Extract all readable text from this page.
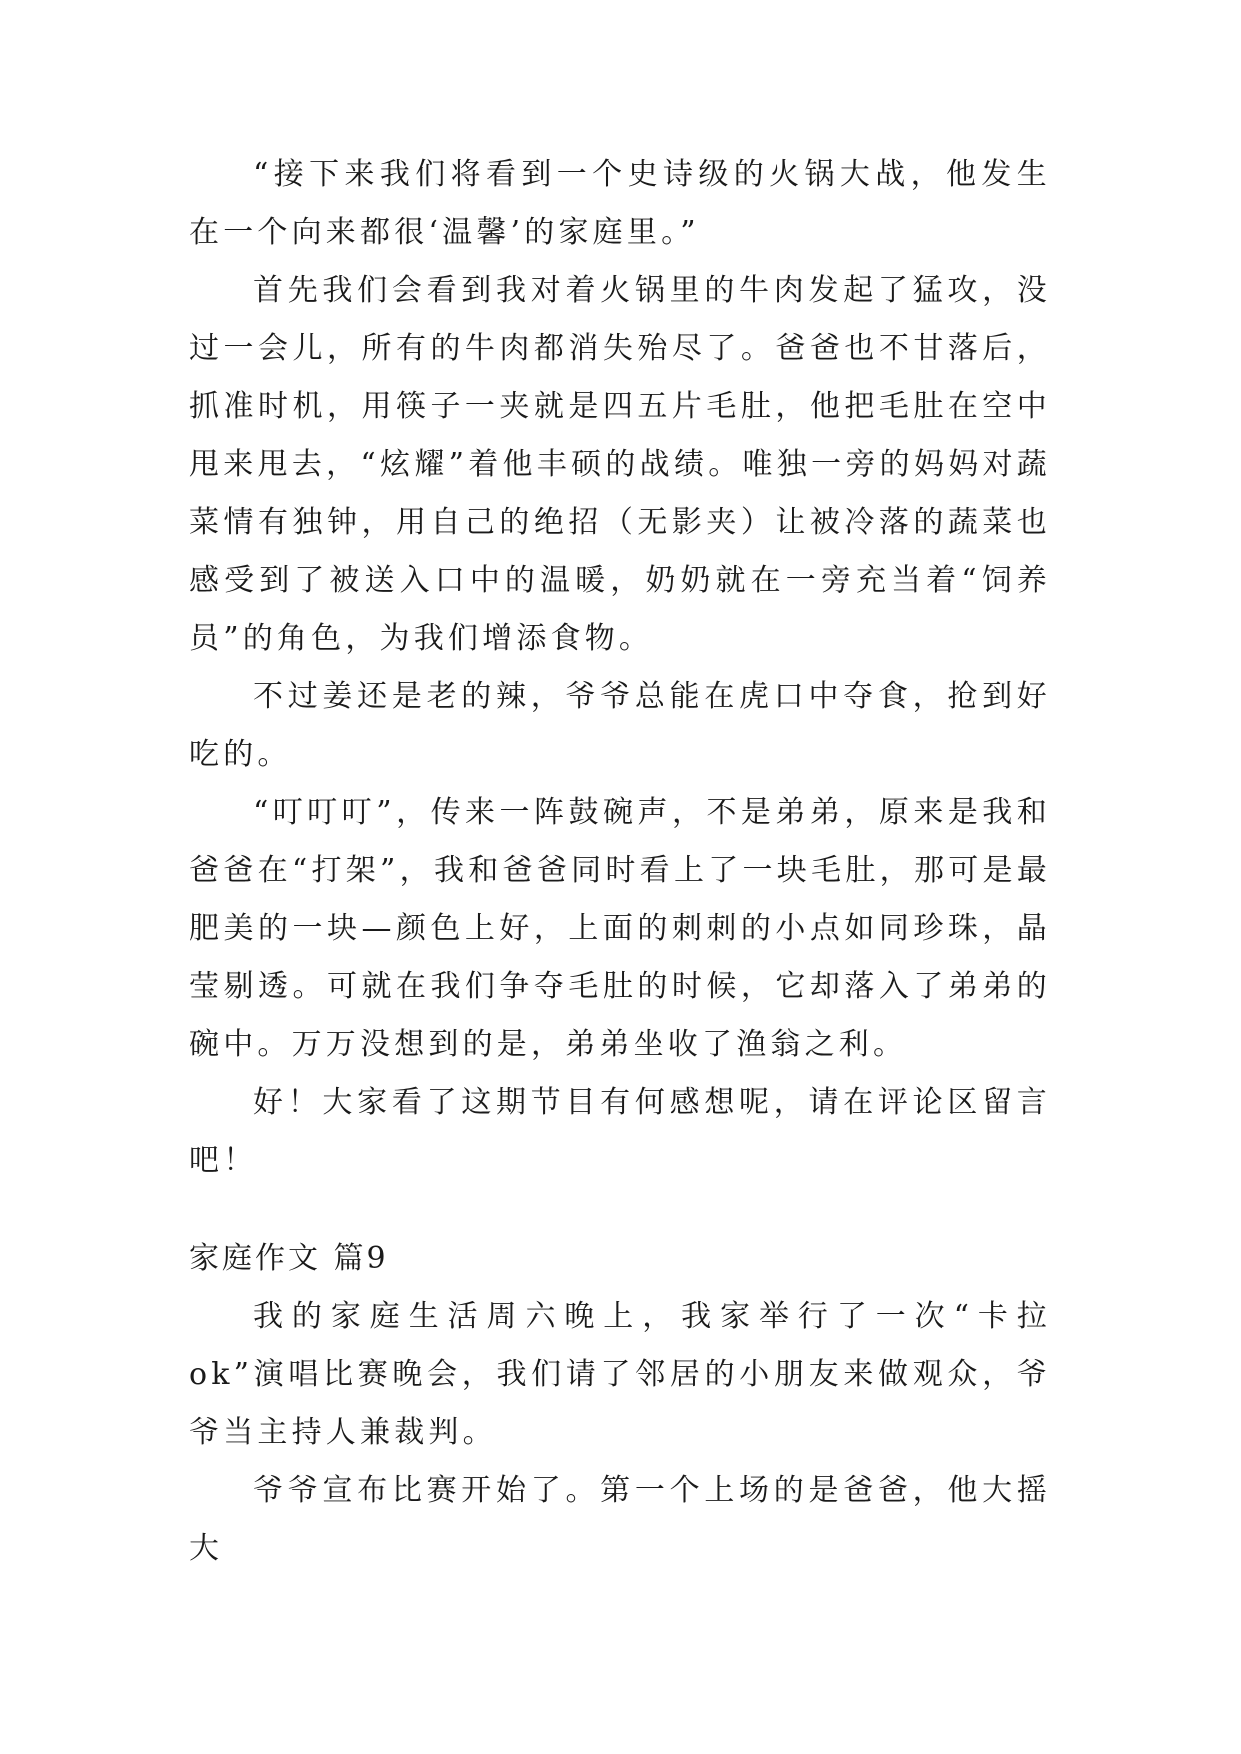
“接下来我们将看到一个史诗级的火锅大战，他发生在一个向来都很‘温馨’的家庭里。”

首先我们会看到我对着火锅里的牛肉发起了猛攻，没过一会儿，所有的牛肉都消失殆尽了。爸爸也不甘落后，抓准时机，用筷子一夹就是四五片毛肚，他把毛肚在空中甩来甩去，“炫耀”着他丰硕的战绩。唯独一旁的妈妈对蔬菜情有独钟，用自己的绝招（无影夹）让被冷落的蔬菜也感受到了被送入口中的温暖，奶奶就在一旁充当着“饲养员”的角色，为我们增添食物。

不过姜还是老的辣，爷爷总能在虎口中夺食，抢到好吃的。

“叮叮叮”，传来一阵鼓碗声，不是弟弟，原来是我和爸爸在“打架”，我和爸爸同时看上了一块毛肚，那可是最肥美的一块—颜色上好，上面的刺刺的小点如同珍珠，晶莹剔透。可就在我们争夺毛肚的时候，它却落入了弟弟的碗中。万万没想到的是，弟弟坐收了渔翁之利。

好！大家看了这期节目有何感想呢，请在评论区留言吧！

家庭作文 篇9

我的家庭生活周六晚上，我家举行了一次“卡拉ok”演唱比赛晚会，我们请了邻居的小朋友来做观众，爷爷当主持人兼裁判。

爷爷宣布比赛开始了。第一个上场的是爸爸，他大摇大
